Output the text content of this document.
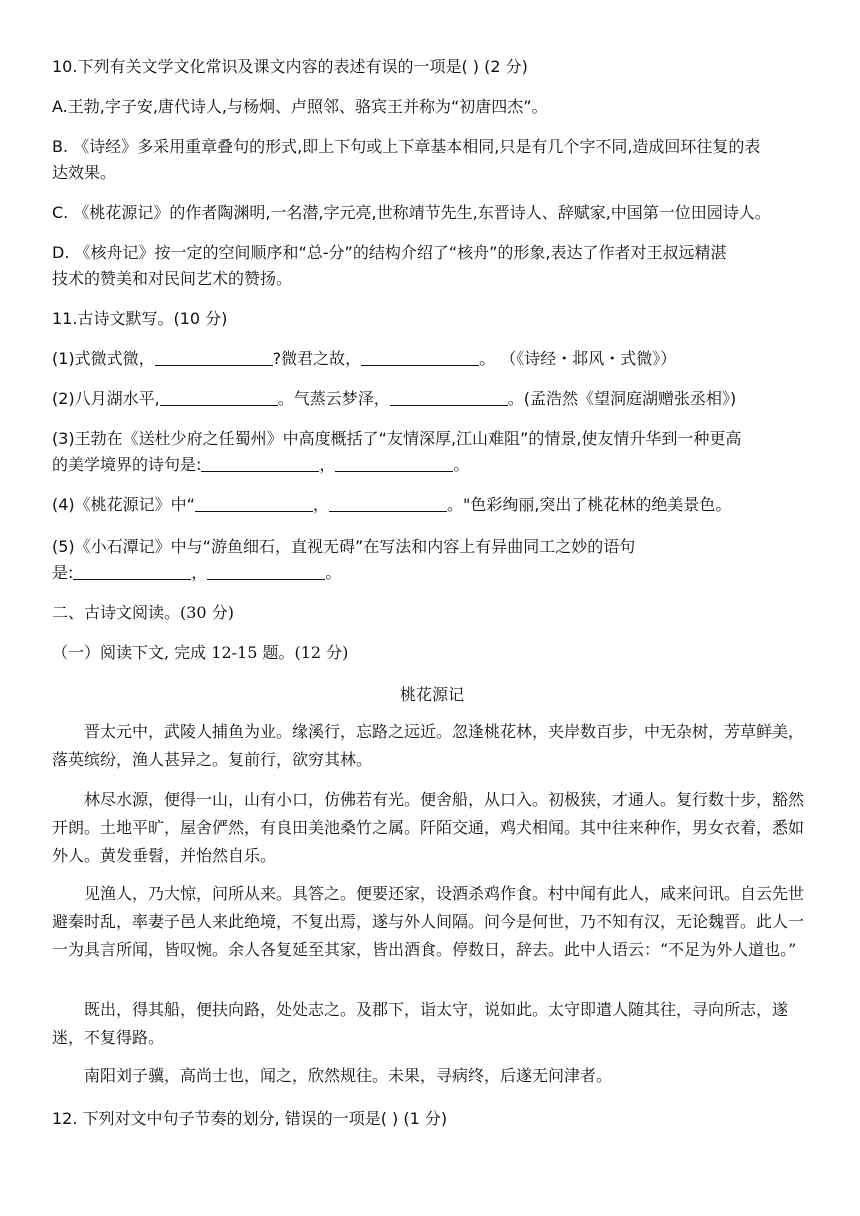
10.下列有关文学文化常识及课文内容的表述有误的一项是( ) (2 分)
A.王勃,字子安,唐代诗人,与杨炯、卢照邻、骆宾王并称为“初唐四杰”。
B. 《诗经》多采用重章叠句的形式,即上下句或上下章基本相同,只是有几个字不同,造成回环往复的表
达效果。
C. 《桃花源记》的作者陶渊明,一名潜,字元亮,世称靖节先生,东晋诗人、辞赋家,中国第一位田园诗人。
D. 《核舟记》按一定的空间顺序和“总-分”的结构介绍了“核舟”的形象,表达了作者对王叔远精湛
技术的赞美和对民间艺术的赞扬。
11.古诗文默写。(10 分)
(1)式微式微，	?微君之故，	。 （《诗经・邶风・式微》）
(2)八月湖水平,	。气蒸云梦泽，	。(孟浩然《望洞庭湖赠张丞相》)
(3)王勃在《送杜少府之任蜀州》中高度概括了“友情深厚,江山难阻”的情景,使友情升华到一种更高
的美学境界的诗句是:	，	。
(4)《桃花源记》中“	，	。"色彩绚丽,突出了桃花林的绝美景色。
(5)《小石潭记》中与“游鱼细石，直视无碍”在写法和内容上有异曲同工之妙的语句
是:	，	。
二、古诗文阅读。(30 分)
（一）阅读下文, 完成 12-15 题。(12 分)
桃花源记
晋太元中，武陵人捕鱼为业。缘溪行，忘路之远近。忽逢桃花林，夹岸数百步，中无杂树，芳草鲜美，落英缤纷，渔人甚异之。复前行，欲穷其林。
林尽水源，便得一山，山有小口，仿佛若有光。便舍船，从口入。初极狭，才通人。复行数十步，豁然开朗。土地平旷，屋舍俨然，有良田美池桑竹之属。阡陌交通，鸡犬相闻。其中往来种作，男女衣着，悉如外人。黄发垂髫，并怡然自乐。
见渔人，乃大惊，问所从来。具答之。便要还家，设酒杀鸡作食。村中闻有此人，咸来问讯。自云先世避秦时乱，率妻子邑人来此绝境，不复出焉，遂与外人间隔。问今是何世，乃不知有汉，无论魏晋。此人一一为具言所闻，皆叹惋。余人各复延至其家，皆出酒食。停数日，辞去。此中人语云：“不足为外人道也。”
既出，得其船，便扶向路，处处志之。及郡下，诣太守，说如此。太守即遣人随其往，寻向所志，遂迷，不复得路。
南阳刘子骥，高尚士也，闻之，欣然规往。未果，寻病终，后遂无问津者。
12. 下列对文中句子节奏的划分, 错误的一项是( ) (1 分)
